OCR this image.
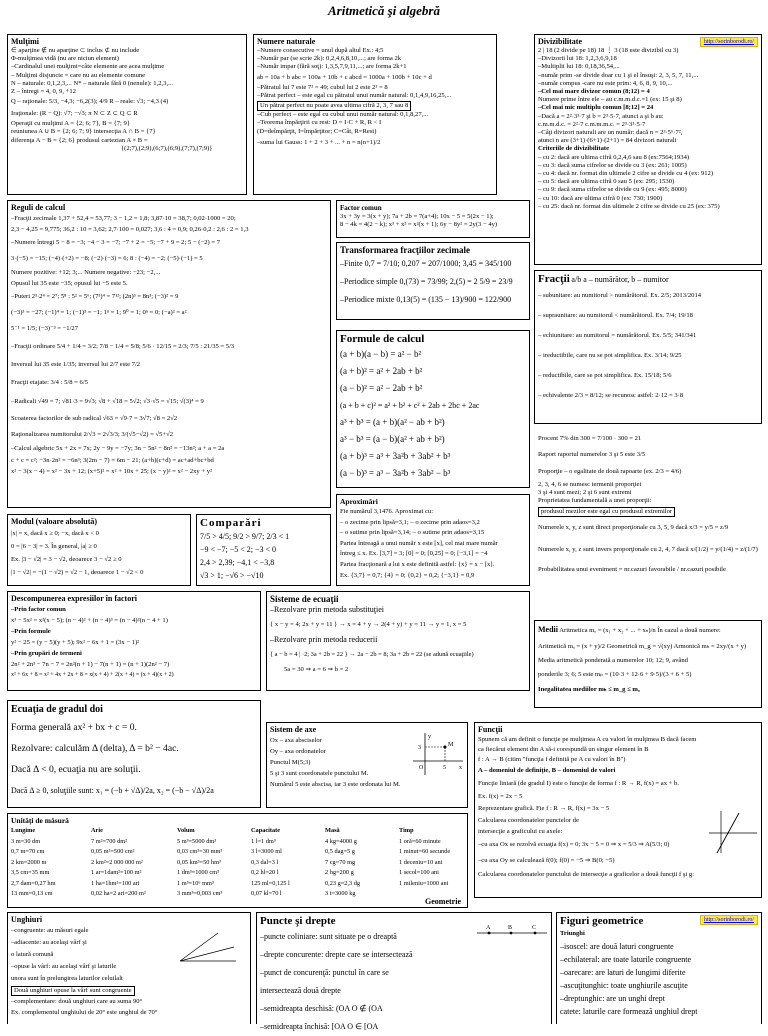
Aritmetică şi algebră
Mulţimi
∈ aparţine ∉ nu aparţine ⊂ inclus ⊄ nu include
Φ-mulţimea vidă (nu are niciun element)
–Cardinalul unei mulţimi=câte elemente are acea mulţime
– Mulţimi disjuncte = care nu au elemente comune
N – naturale: 0,1,2,3,... N* – naturale fără 0 (nenule): 1,2,3,...
Z – întregi = 4, 0, 9, +12
Q – raţionale: 5/3, −4,3; −6,2(3); 4/9 R – reale: √3; −4,3 (4)
Iraţionale: (R − Q): √7; −√3; π N ⊂ Z ⊂ Q ⊂ R
Operaţii cu mulţimi A = {2; 6; 7}, B = {7; 9}
reuniunea A ∪ B = {2; 6; 7; 9} intersecţia A ∩ B = {7}
diferenţa A − B = {2; 6} produsul cartezian A × B =
{(2;7),(2;9),(6;7),(6;9),(7;7),(7;9)}
Numere naturale
–Numere consecutive = unul după altul Ex.: 4;5
–Număr par (se scrie 2k): 0,2,4,6,8,10,...; are forma 2k
–Număr impar (fără soţ): 1,3,5,7,9,11,...; are forma 2k+1
ab = 10a + b abc = 100a + 10b + c abcd = 1000a + 100b + 10c + d
–Pătratul lui 7 este 7² = 49; cubul lui 2 este 2³ = 8
–Pătrat perfect – este egal cu pătratul unui număr natural: 0,1,4,9,16,25,...
Un pătrat perfect nu poate avea ultima cifră 2, 3, 7 sau 8
–Cub perfect – este egal cu cubul unui număr natural: 0,1,8,27,...
–Teorema împărţirii cu rest: D = I·C + R, R < I
(D=deîmpărţit, I=împărţitor; C=Cât, R=Rest)
–suma lui Gauss: 1 + 2 + 3 + ... + n = n(n+1)/2
http://sorinborodi.ro/
Divizibilitate
2 | 18 (2 divide pe 18) 18 ⋮ 3 (18 este divizibil cu 3)
–Divizorii lui 18: 1,2,3,6,9,18
–Multiplii lui 18: 0,18,36,54,...
–număr prim -se divide doar cu 1 şi el însuşi: 2, 3, 5, 7, 11,...
–număr compus -care nu este prim: 4, 6, 8, 9, 10,...
–Cel mai mare divizor comun (8;12) = 4
Numere prime între ele – au c.m.m.d.c.=1 (ex: 15 şi 8)
–Cel mai mic multiplu comun [8;12] = 24
–Dacă a = 2²·3³·7 şi b = 2³·5·7, atunci a şi b au:
c.m.m.d.c. = 2²·7 c.m.m.m.c. = 2³·3³·5·7
–Câţi divizori naturali are un număr: dacă n = 2³·5⁶·7²,
atunci n are (3+1)·(6+1)·(2+1) = 84 divizori naturali
Criteriile de divizibilitate
– cu 2: dacă are ultima cifră 0,2,4,6 sau 8 (ex:7564;1934)
– cu 3: dacă suma cifrelor se divide cu 3 (ex: 261; 1005)
– cu 4: dacă nr. format din ultimele 2 cifre se divide cu 4 (ex: 912)
– cu 5: dacă are ultima cifră 0 sau 5 (ex: 295; 1530)
– cu 9: dacă suma cifrelor se divide cu 9 (ex: 495; 8000)
– cu 10: dacă are ultima cifră 0 (ex: 730; 1900)
– cu 25: dacă nr. format din ultimele 2 cifre se divide cu 25 (ex: 375)
Reguli de calcul
–Fracţii zecimale 1,37 + 52,4 = 53,77; 3 − 1,2 = 1,8; 3,87·10 = 38,7; 0,02·1000 = 20;
2,3 − 4,25 = 9,775; 36,2 : 10 = 3,62; 2,7·100 = 0,027; 3,6 : 4 = 0,9; 0,26·0,2 : 2,6 : 2 = 1,3
–Numere întregi 5 − 8 = −3; −4 − 3 = −7; −7 + 2 = −5; −7 + 9 = 2; 5 − (−2) = 7
3·(−5) = −15; (−4)·(+2) = −8; (−2)·(−3) = 6; 8 : (−4) = −2; (−5)·(−1) = 5
Numere pozitive: +12; 3;... Numere negative: −23; −2,...
Opusul lui 35 este −35; opusul lui −5 este 5.
–Puteri 2³·2⁴ = 2⁷; 5⁸ : 5² = 5⁶; (7³)⁴ = 7¹²; (2n)³ = 8n³; (−3)² = 9
(−3)³ = −27; (−1)⁴ = 1; (−1)³ = −1; 1ⁿ = 1; 9⁰ = 1; 0ⁿ = 0; (−a)² = a²
5⁻¹ = 1/5; (−3)⁻³ = −1/27
–Fracţii ordinare 5/4 + 1/4 = 3/2; 7/8 − 1/4 = 5/8; 5/6 · 12/15 = 2/3; 7/5 : 21/35 = 5/3
Inversul lui 35 este 1/35; inversul lui 2/7 este 7/2
Fracţii etajate: 3/4 : 5/8 = 6/5
–Radicali √49 = 7; √81·3 = 9√3; √8 + √18 = 5√2; √3·√5 = √15; √(3)⁴ = 9
Scoaterea factorilor de sub radical √63 = √9·7 = 3√7; √8 = 2√2
Raţionalizarea numitorului 2/√3 = 2√3/3; 3/(√5−√2) = √5+√2
–Calcul algebric 5x + 2x = 7x; 2y − 9y = −7y; 3n − 5n² − 8n² = −13n²; a + a = 2a
c + c = c²; −3n·2n² = −6n³; 3(2m − 7) = 6m − 21; (a+b)(c+d) = ac+ad+bc+bd
x² − 3(x − 4) = x² − 3x + 12; (x+5)² = x² + 10x + 25; (x − y)² = x² − 2xy + y²
Factor comun
3x + 3y = 3(x + y); 7a + 2b = 7(a+4); 10x − 5 = 5(2x − 1);
8 − 4k = 4(2 − k); x³ + x² = x²(x + 1); 6y − 8y² = 2y(3 − 4y)
Transformarea fracţiilor zecimale
–Finite 0,7 = 7/10; 0,207 = 207/1000; 3,45 = 345/100
–Periodice simple 0,(73) = 73/99; 2,(5) = 2 5/9 = 23/9
–Periodice mixte 0,13(5) = (135 − 13)/900 = 122/900
Fracţii a/b a – numărător, b – numitor
– subunitare: au numitorul > numărătorul. Ex. 2/5; 2013/2014
– supraunitare: au numitorul < numărătorul. Ex. 7/4; 19/18
– echiunitare: au numitorul = numărătorul. Ex. 5/5; 341/341
– ireductibile, care nu se pot simplifica. Ex. 3/14; 9/25
– reductibile, care se pot simplifica. Ex. 15/18; 5/6
– echivalente 2/3 = 8/12; se recunosc astfel: 2·12 = 3·8
Formule de calcul
(a + b)(a − b) = a² − b²
(a + b)² = a² + 2ab + b²
(a − b)² = a² − 2ab + b²
(a + b + c)² = a² + b² + c² + 2ab + 2bc + 2ac
a³ + b³ = (a + b)(a² − ab + b²)
a³ − b³ = (a − b)(a² + ab + b²)
(a + b)³ = a³ + 3a²b + 3ab² + b³
(a − b)³ = a³ − 3a²b + 3ab² − b³
Procent 7% din 300 = 7/100 · 300 = 21
Raport raportul numerelor 3 şi 5 este 3/5
Proporţie – o egalitate de două rapoarte (ex. 2/3 = 4/6)
2, 3, 4, 6 se numesc termenii proporţiei
3 şi 4 sunt mezi; 2 şi 6 sunt extremi
Proprietatea fundamentală a unei proporţii:
produsul mezilor este egal cu produsul extremilor
Numerele x, y, z sunt direct proporţionale cu 3, 5, 9 dacă x/3 = y/5 = z/9
Numerele x, y, z sunt invers proporţionale cu 2, 4, 7 dacă x/(1/2) = y/(1/4) = z/(1/7)
Probabilitatea unui eveniment = nr.cazuri favorabile / nr.cazuri posibile
Aproximări
Fie numărul 3,1476. Aproximat cu:
– o zecime prin lipsă=3,1; – o zecime prin adaos=3,2
– o sutime prin lipsă=3,14; – o sutime prin adaos=3,15
Partea întreagă a unui număr x este [x], cel mai mare număr
întreg ≤ x. Ex. [3,7] = 3; [0] = 0; [0,25] = 0; [−3,1] = −4
Partea fracţionară a lui x este definită astfel: {x} = x − [x].
Ex. {3,7} = 0,7; {4} = 0; {0,2} = 0,2; {−3,1} = 0,9
Modul (valoare absolută)
|x| = x, dacă x ≥ 0; −x, dacă x < 0
0 = |6 − 3| = 3. În general, |a| ≥ 0
Ex. |3 − √2| = 3 − √2, deoarece 3 − √2 ≥ 0
|1 − √2| = −(1 − √2) = √2 − 1, deoarece 1 − √2 < 0
Comparări
7/5 > 4/5; 9/2 > 9/7; 2/3 < 1
−9 < −7; −5 < 2; −3 < 0
2,4 > 2,39; −4,1 < −3,8
√3 > 1; −√6 > −√10
Descompunerea expresiilor în factori
–Prin factor comun
x³ − 5x² = x²(x − 5); (n − 4)² + (n − 4)³ = (n − 4)²(n − 4 + 1)
–Prin formule
y² − 25 = (y − 5)(y + 5); 9x² − 6x + 1 = (3x − 1)²
–Prin grupări de termeni
2n² + 2n³ − 7n − 7 = 2n²(n + 1) − 7(n + 1) = (n + 1)(2n² − 7)
x² + 6x + 8 = x² + 4x + 2x + 8 = x(x + 4) + 2(x + 4) = (x + 4)(x + 2)
Sisteme de ecuaţii
–Rezolvare prin metoda substituţiei
{ x − y = 4; 2x + y = 11 } → x = 4 + y → 2(4 + y) + y = 11 → y = 1, x = 5
–Rezolvare prin metoda reducerii
{ a − b = 4 | ·2; 3a + 2b = 22 } → 2a − 2b = 8; 3a + 2b = 22 (se adună ecuaţiile)
5a = 30 ⇒ a = 6 ⇒ b = 2
Medii Aritmetica mₐ = (x₁ + x₂ + ... + xₙ)/n În cazul a două numere:
Aritmetică mₐ = (x + y)/2 Geometrică m_g = √(xy) Armonică mₕ = 2xy/(x + y)
Media aritmetică ponderată a numerelor 10; 12; 9, având
ponderile 3; 6; 5 este mₚ = (10·3 + 12·6 + 9·5)/(3 + 6 + 5)
Inegalitatea mediilor mₕ ≤ m_g ≤ mₐ
Ecuaţia de gradul doi
Forma generală ax² + bx + c = 0.
Rezolvare: calculăm Δ (delta), Δ = b² − 4ac.
Dacă Δ < 0, ecuaţia nu are soluţii.
Dacă Δ ≥ 0, soluţiile sunt: x₁ = (−b + √Δ)/2a, x₂ = (−b − √Δ)/2a
Sistem de axe
Ox – axa absciselor
Oy – axa ordonatelor
Punctul M(5;3)
5 şi 3 sunt coordonatele punctului M.
Numărul 5 este abscisa, iar 3 este ordonata lui M.
x
y
M
O	5
3
Funcţii
Spunem că am definit o funcţie pe mulţimea A cu valori în mulţimea B dacă facem
ca fiecărui element din A să-i corespundă un singur element în B
f : A → B (citim "funcţia f definită pe A cu valori în B")
A – domeniul de definiţie, B – domeniul de valori
Funcţie liniară (de gradul I) este o funcţie de forma f : R → R, f(x) = ax + b.
Ex. f(x) = 2x − 5
Reprezentare grafică. Fie f : R → R, f(x) = 3x − 5
Calcularea coordonatelor punctelor de
intersecţie a graficului cu axele:
–cu axa Ox se rezolvă ecuaţia f(x) = 0; 3x − 5 = 0 ⇒ x = 5/3 ⇒ A(5/3; 0)
–cu axa Oy se calculează f(0); f(0) = −5 ⇒ B(0; −5)
Calcularea coordonatelor punctului de intersecţie a graficelor a două funcţii f şi g:
Unităţi de măsură
Lungime	Arie	Volum	Capacitate	Masă	Timp
3 m=30 dm	7 m²=700 dm²	5 m³=5000 dm³	1 l=1 dm³	4 kg=4000 g	1 oră=60 minute
0,7 m=70 cm	0,05 m²=500 cm²	0,03 cm³=30 mm³	3 l=3000 ml	0,5 dag=5 g	1 minut=60 secunde
2 km=2000 m	2 km²=2 000 000 m²	0,05 km³=50 hm³	0,3 dal=3 l	7 cg=70 mg	1 deceniu=10 ani
3,5 cm=35 mm	1 ar=1dam²=100 m²	1 dm³=1000 cm³	0,2 hl=20 l	2 hg=200 g	1 secol=100 ani
2,7 dam=0,27 hm	1 ha=1hm²=100 ari	1 m³=10⁶ mm³	125 ml=0,125 l	0,23 g=2,3 dg	1 mileniu=1000 ani
13 mm=0,13 cm	0,02 ha=2 ari=200 m²	3 mm³=0,003 cm³	0,07 kl=70 l	3 t=3000 kg
Geometrie
Unghiuri
–congruente: au măsuri egale
–adiacente: au acelaşi vârf şi
o latură comună
–opuse la vârf: au acelaşi vârf şi laturile
unora sunt în prelungirea laturilor celuilalt
Două unghiuri opuse la vârf sunt congruente
–complementare: două unghiuri care au suma 90°
Ex. complementul unghiului de 20° este unghiul de 70°
Puncte şi drepte
–puncte coliniare: sunt situate pe o dreaptă
–drepte concurente: drepte care se intersectează
–punct de concurenţă: punctul în care se
intersectează două drepte
–semidreapta deschisă: (OA O ∉ (OA
–semidreapta închisă: [OA O ∈ [OA
A	B	C
http://sorinborodi.ro/
Figuri geometrice
Triunghi
–isoscel: are două laturi congruente
–echilateral: are toate laturile congruente
–oarecare: are laturi de lungimi diferite
–ascuţitunghic: toate unghiurile ascuţite
–dreptunghic: are un unghi drept
catete: laturile care formează unghiul drept
